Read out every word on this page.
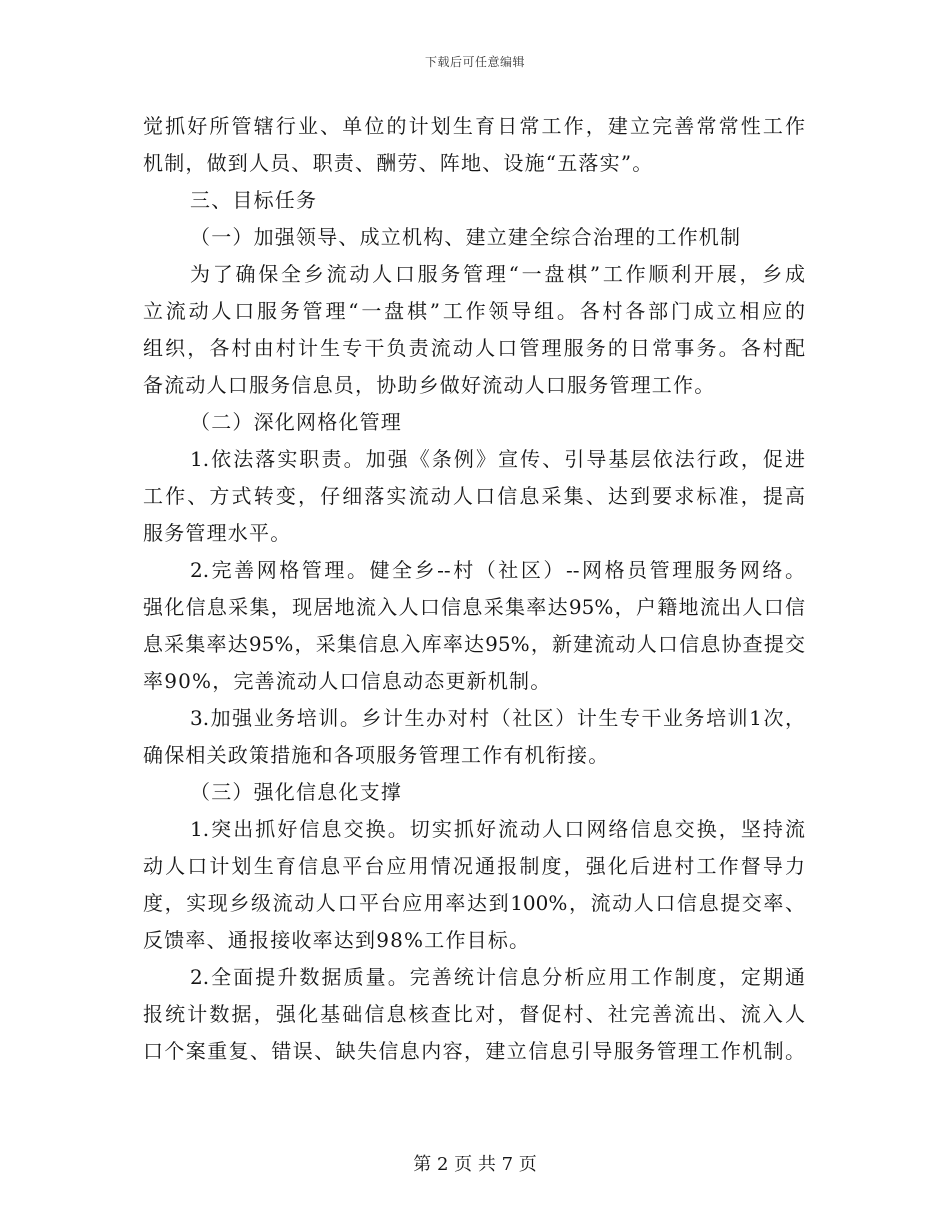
下载后可任意编辑
觉抓好所管辖行业、单位的计划生育日常工作，建立完善常常性工作
机制，做到人员、职责、酬劳、阵地、设施“五落实”。
三、目标任务
（一）加强领导、成立机构、建立建全综合治理的工作机制
为了确保全乡流动人口服务管理“一盘棋”工作顺利开展，乡成
立流动人口服务管理“一盘棋”工作领导组。各村各部门成立相应的
组织，各村由村计生专干负责流动人口管理服务的日常事务。各村配
备流动人口服务信息员，协助乡做好流动人口服务管理工作。
（二）深化网格化管理
1.依法落实职责。加强《条例》宣传、引导基层依法行政，促进
工作、方式转变，仔细落实流动人口信息采集、达到要求标准，提高
服务管理水平。
2.完善网格管理。健全乡--村（社区）--网格员管理服务网络。
强化信息采集，现居地流入人口信息采集率达95%，户籍地流出人口信
息采集率达95%，采集信息入库率达95%，新建流动人口信息协查提交
率90%，完善流动人口信息动态更新机制。
3.加强业务培训。乡计生办对村（社区）计生专干业务培训1次，
确保相关政策措施和各项服务管理工作有机衔接。
（三）强化信息化支撑
1.突出抓好信息交换。切实抓好流动人口网络信息交换，坚持流
动人口计划生育信息平台应用情况通报制度，强化后进村工作督导力
度，实现乡级流动人口平台应用率达到100%，流动人口信息提交率、
反馈率、通报接收率达到98%工作目标。
2.全面提升数据质量。完善统计信息分析应用工作制度，定期通
报统计数据，强化基础信息核查比对，督促村、社完善流出、流入人
口个案重复、错误、缺失信息内容，建立信息引导服务管理工作机制。
第 2 页 共 7 页
